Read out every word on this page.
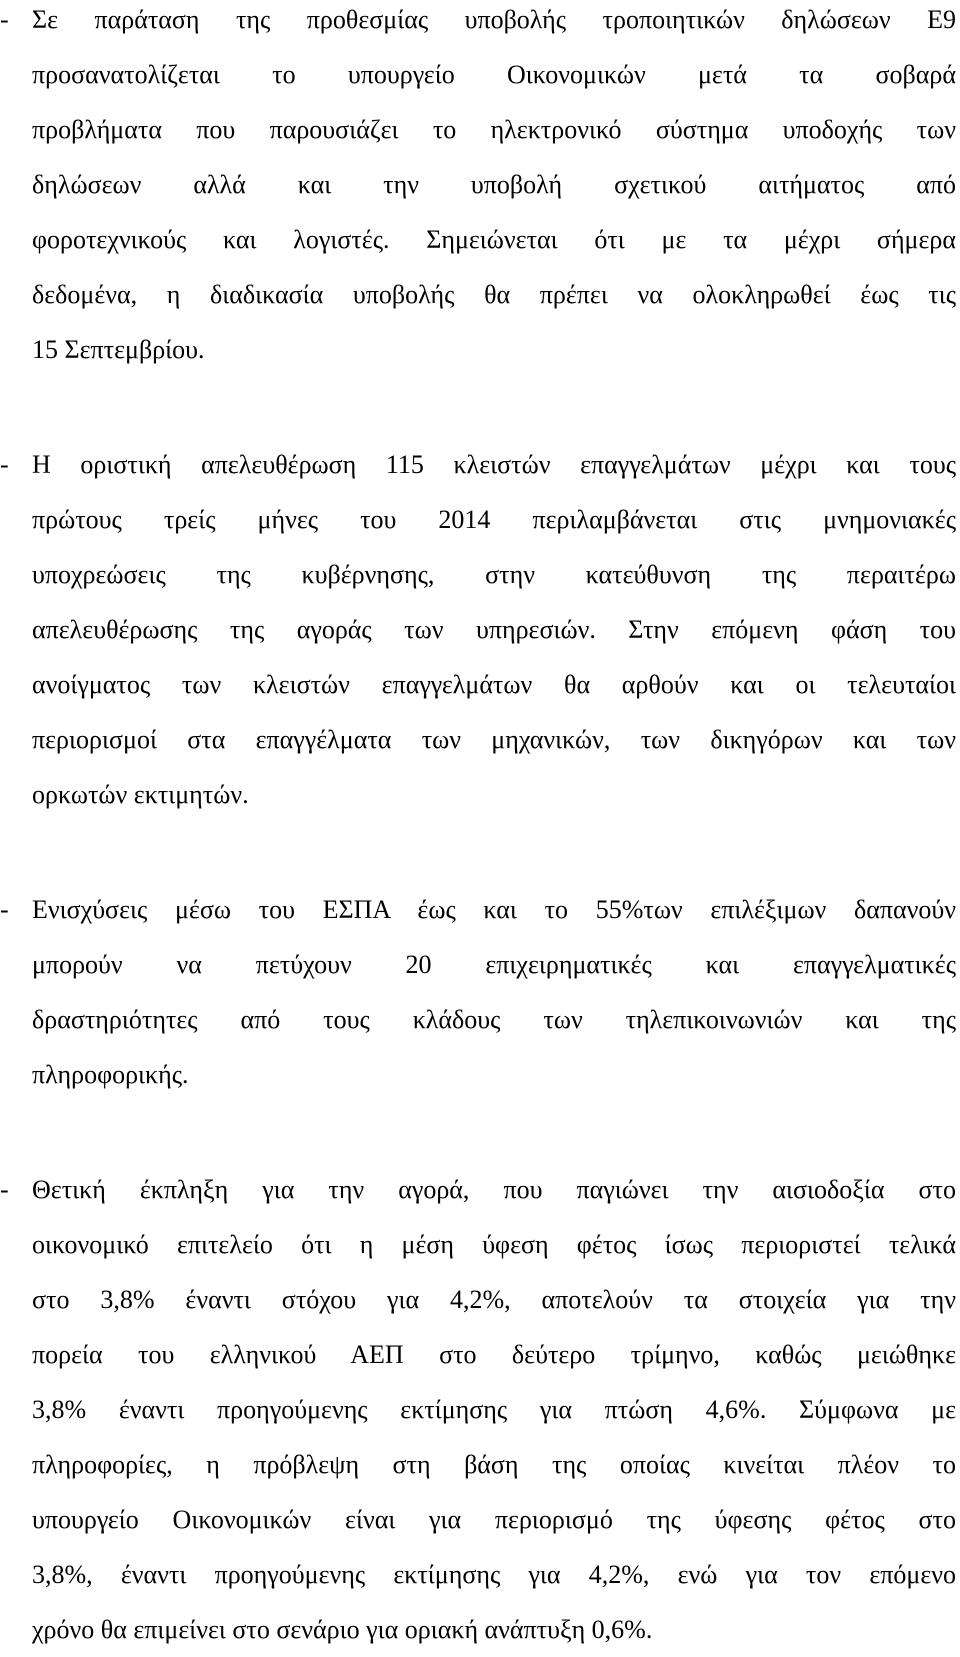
- Σε παράταση της προθεσμίας υποβολής τροποιητικών δηλώσεων Ε9
προσανατολίζεται το υπουργείο Οικονομικών μετά τα σοβαρά
προβλήματα που παρουσιάζει το ηλεκτρονικό σύστημα υποδοχής των
δηλώσεων αλλά και την υποβολή σχετικού αιτήματος από
φοροτεχνικούς και λογιστές. Σημειώνεται ότι με τα μέχρι σήμερα
δεδομένα, η διαδικασία υποβολής θα πρέπει να ολοκληρωθεί έως τις
15 Σεπτεμβρίου.
- Η οριστική απελευθέρωση 115 κλειστών επαγγελμάτων μέχρι και τους
πρώτους τρείς μήνες του 2014 περιλαμβάνεται στις μνημονιακές
υποχρεώσεις της κυβέρνησης, στην κατεύθυνση της περαιτέρω
απελευθέρωσης της αγοράς των υπηρεσιών. Στην επόμενη φάση του
ανοίγματος των κλειστών επαγγελμάτων θα αρθούν και οι τελευταίοι
περιορισμοί στα επαγγέλματα των μηχανικών, των δικηγόρων και των
ορκωτών εκτιμητών.
- Ενισχύσεις μέσω του ΕΣΠΑ έως και το 55%των επιλέξιμων δαπανούν
μπορούν να πετύχουν 20 επιχειρηματικές και επαγγελματικές
δραστηριότητες από τους κλάδους των τηλεπικοινωνιών και της
πληροφορικής.
- Θετική έκπληξη για την αγορά, που παγιώνει την αισιοδοξία στο
οικονομικό επιτελείο ότι η μέση ύφεση φέτος ίσως περιοριστεί τελικά
στο 3,8% έναντι στόχου για 4,2%, αποτελούν τα στοιχεία για την
πορεία του ελληνικού ΑΕΠ στο δεύτερο τρίμηνο, καθώς μειώθηκε
3,8% έναντι προηγούμενης εκτίμησης για πτώση 4,6%. Σύμφωνα με
πληροφορίες, η πρόβλεψη στη βάση της οποίας κινείται πλέον το
υπουργείο Οικονομικών είναι για περιορισμό της ύφεσης φέτος στο
3,8%, έναντι προηγούμενης εκτίμησης για 4,2%, ενώ για τον επόμενο
χρόνο θα επιμείνει στο σενάριο για οριακή ανάπτυξη 0,6%.
